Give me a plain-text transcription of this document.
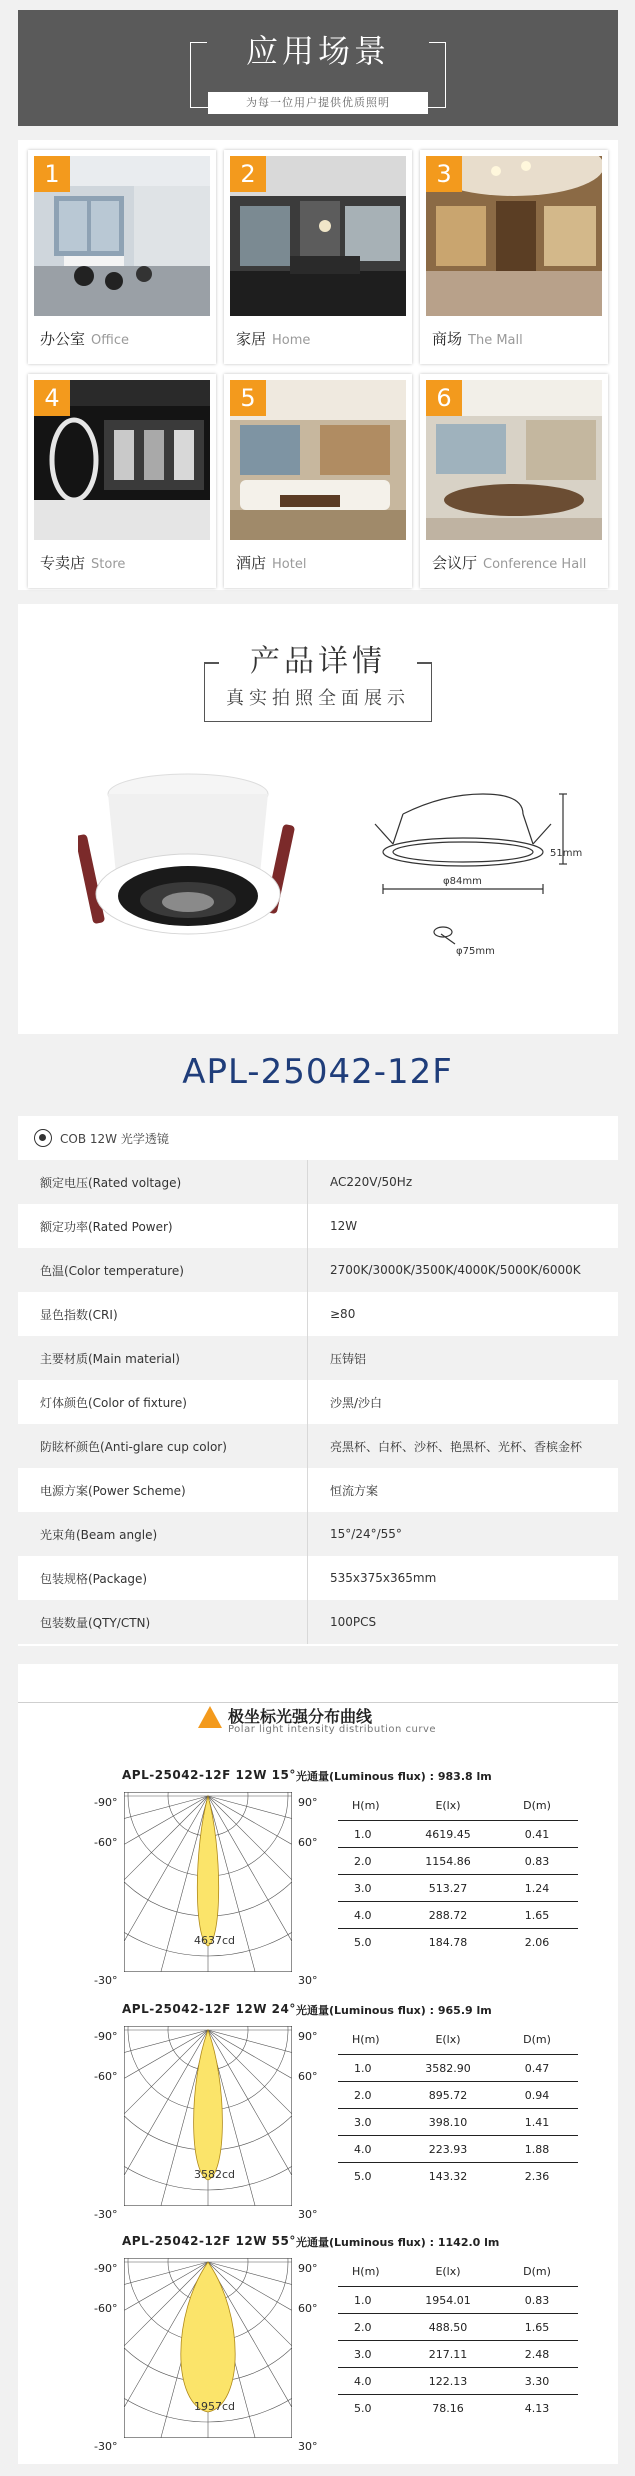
应用场景
为每一位用户提供优质照明
1
办公室 Office
2
家居 Home
3
商场 The Mall
4
专卖店 Store
5
酒店 Hotel
6
会议厅 Conference Hall
产品详情
真实拍照全面展示
51mm
φ84mm
φ75mm
APL-25042-12F
COB 12W 光学透镜
额定电压(Rated voltage)	AC220V/50Hz
额定功率(Rated Power)	12W
色温(Color temperature)	2700K/3000K/3500K/4000K/5000K/6000K
显色指数(CRI)	≥80
主要材质(Main material)	压铸铝
灯体颜色(Color of fixture)	沙黑/沙白
防眩杯颜色(Anti-glare cup color)	亮黑杯、白杯、沙杯、艳黑杯、光杯、香槟金杯
电源方案(Power Scheme)	恒流方案
光束角(Beam angle)	15°/24°/55°
包装规格(Package)	535x375x365mm
包装数量(QTY/CTN)	100PCS
极坐标光强分布曲线
Polar light intensity distribution curve
APL-25042-12F 12W 15° 光通量(Luminous flux) : 983.8 lm
-90°
-60°
-30°
90°
60°
30°
4637cd
H(m)	E(lx)	D(m)
1.0	4619.45	0.41
2.0	1154.86	0.83
3.0	513.27	1.24
4.0	288.72	1.65
5.0	184.78	2.06
APL-25042-12F 12W 24° 光通量(Luminous flux) : 965.9 lm
-90°
-60°
-30°
90°
60°
30°
3582cd
H(m)	E(lx)	D(m)
1.0	3582.90	0.47
2.0	895.72	0.94
3.0	398.10	1.41
4.0	223.93	1.88
5.0	143.32	2.36
APL-25042-12F 12W 55° 光通量(Luminous flux) : 1142.0 lm
-90°
-60°
-30°
90°
60°
30°
1957cd
H(m)	E(lx)	D(m)
1.0	1954.01	0.83
2.0	488.50	1.65
3.0	217.11	2.48
4.0	122.13	3.30
5.0	78.16	4.13
